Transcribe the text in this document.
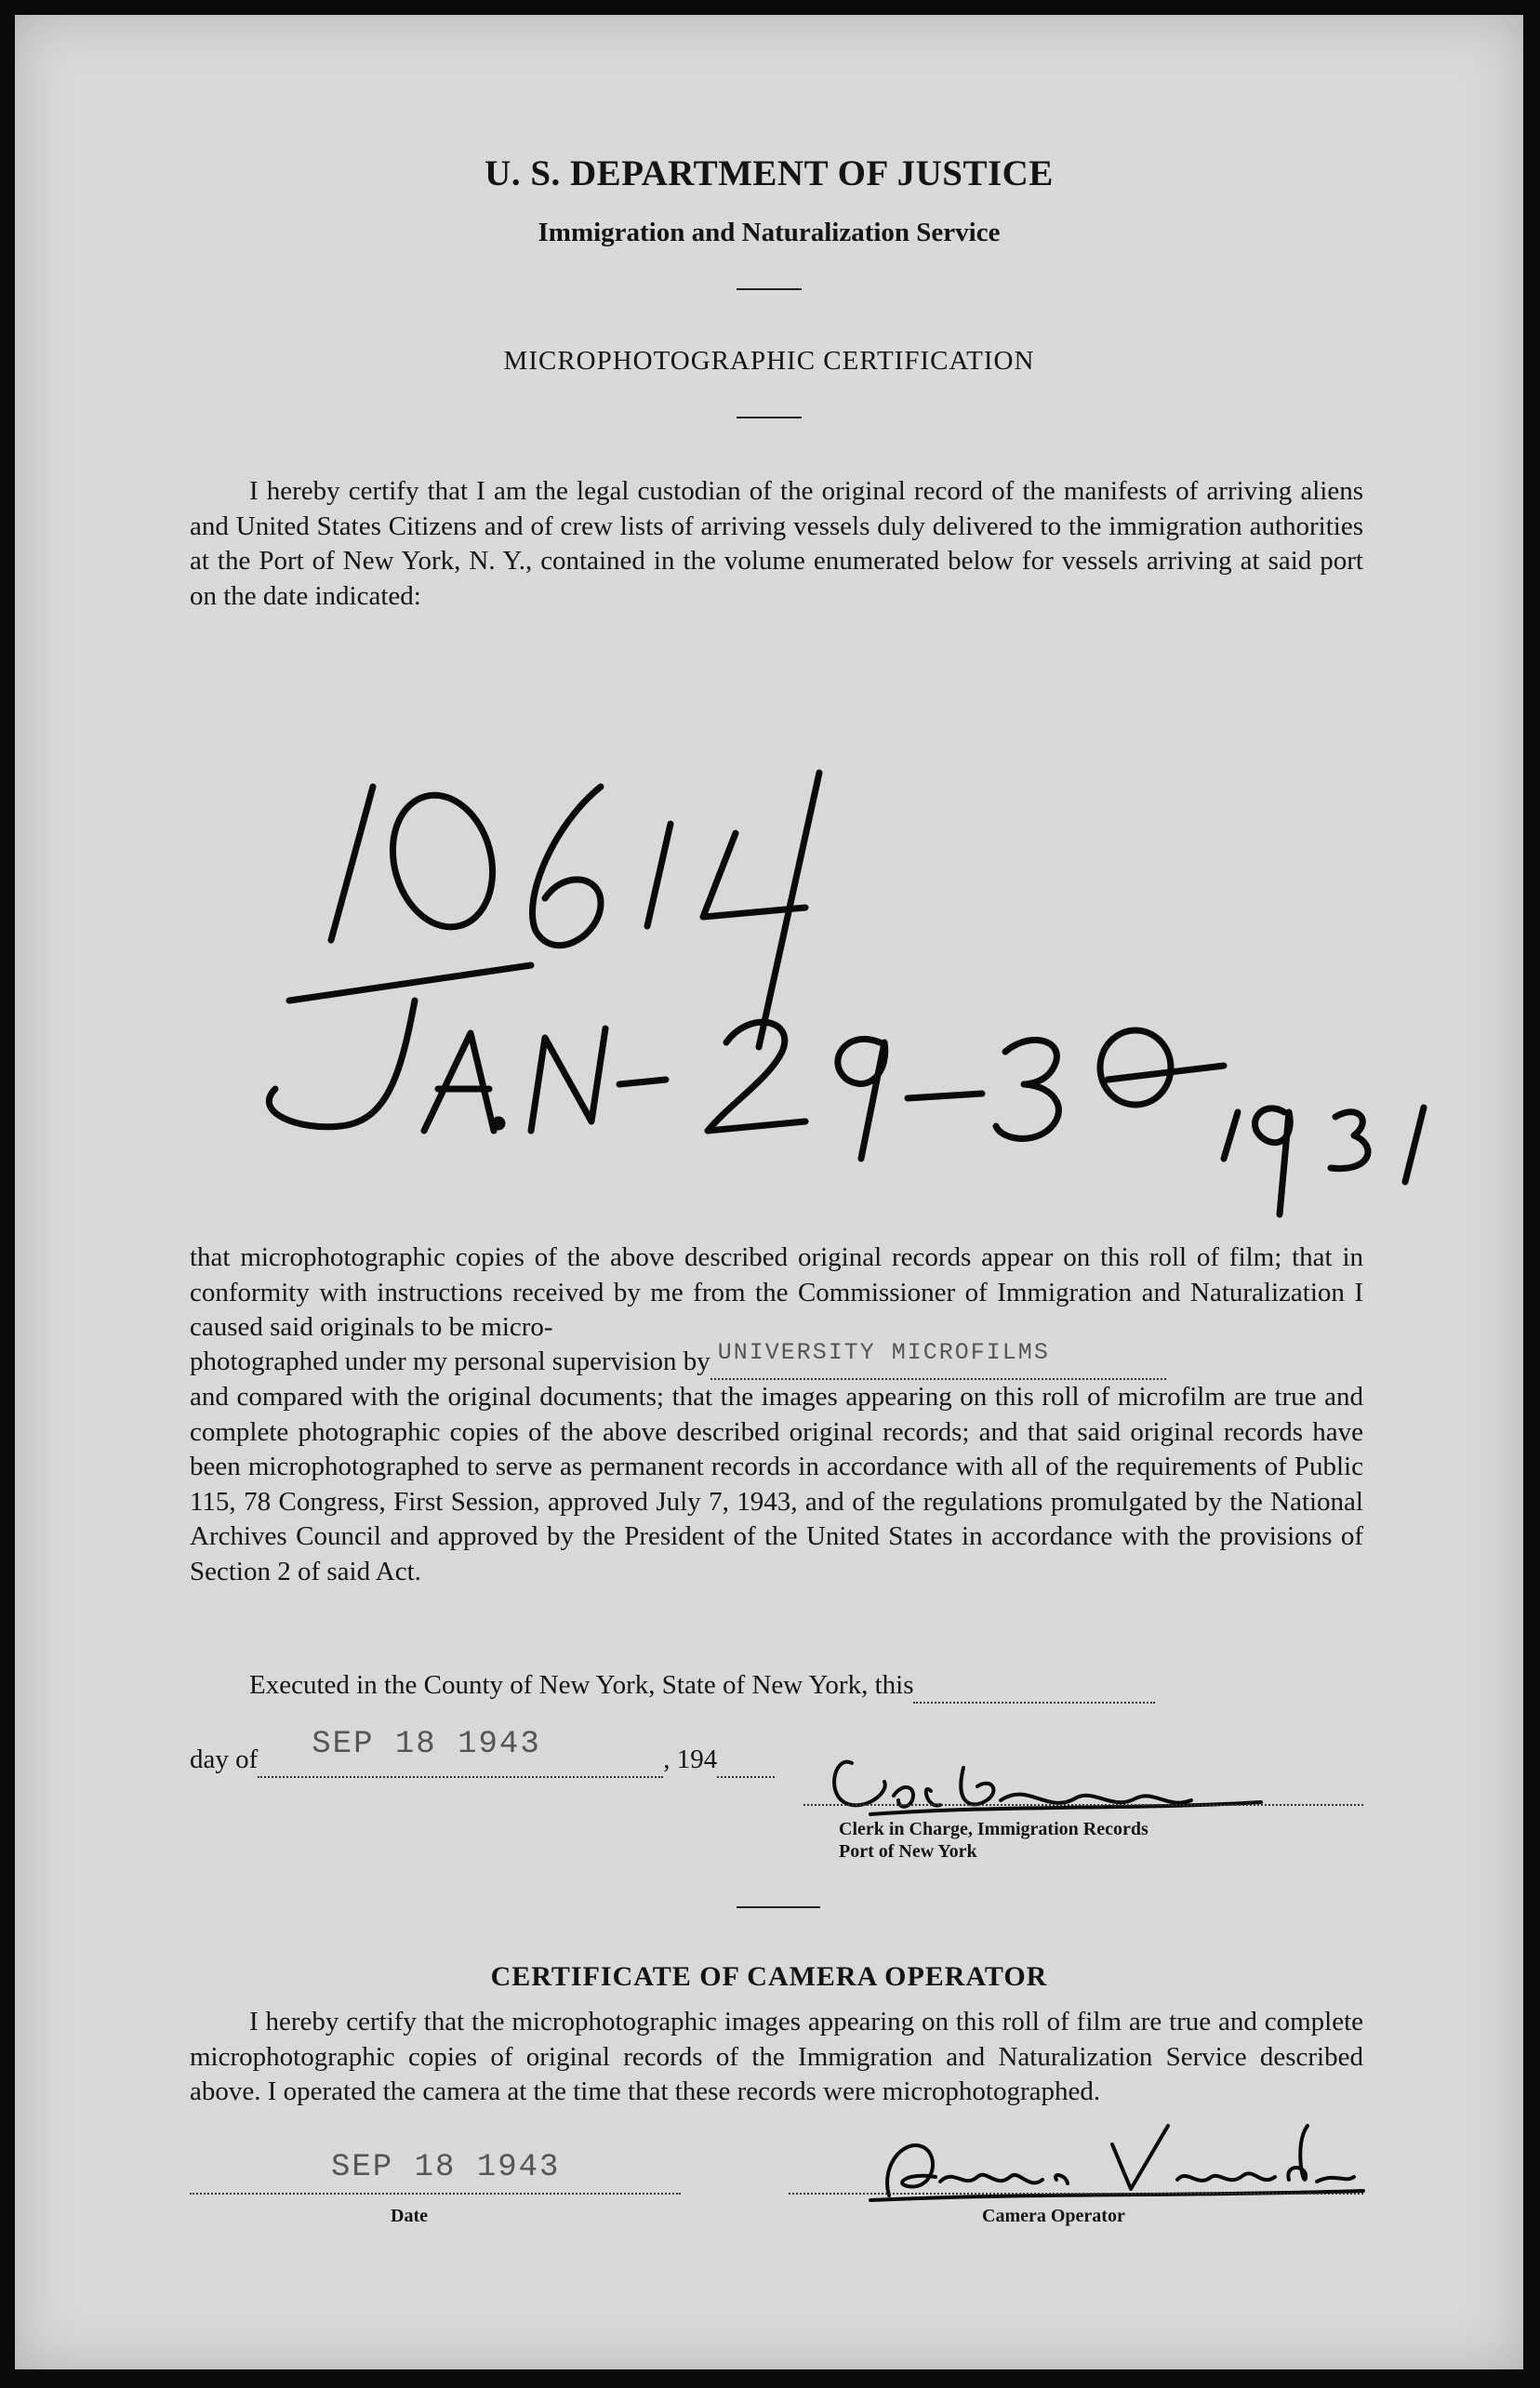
U. S. DEPARTMENT OF JUSTICE
Immigration and Naturalization Service
MICROPHOTOGRAPHIC CERTIFICATION
I hereby certify that I am the legal custodian of the original record of the manifests of arriving aliens and United States Citizens and of crew lists of arriving vessels duly delivered to the immigration authorities at the Port of New York, N. Y., contained in the volume enumerated below for vessels arriving at said port on the date indicated:
that microphotographic copies of the above described original records appear on this roll of film; that in conformity with instructions received by me from the Commissioner of Immigration and Naturalization I caused said originals to be micro-
photographed under my personal supervision by UNIVERSITY MICROFILMS
and compared with the original documents; that the images appearing on this roll of microfilm are true and complete photographic copies of the above described original records; and that said original records have been microphotographed to serve as permanent records in accordance with all of the requirements of Public 115, 78 Congress, First Session, approved July 7, 1943, and of the regulations promulgated by the National Archives Council and approved by the President of the United States in accordance with the provisions of Section 2 of said Act.
Executed in the County of New York, State of New York, this
day of SEP 18 1943	, 194
Clerk in Charge, Immigration Records
Port of New York
CERTIFICATE OF CAMERA OPERATOR
I hereby certify that the microphotographic images appearing on this roll of film are true and complete microphotographic copies of original records of the Immigration and Naturalization Service described above. I operated the camera at the time that these records were microphotographed.
SEP 18 1943
Date	Camera Operator
